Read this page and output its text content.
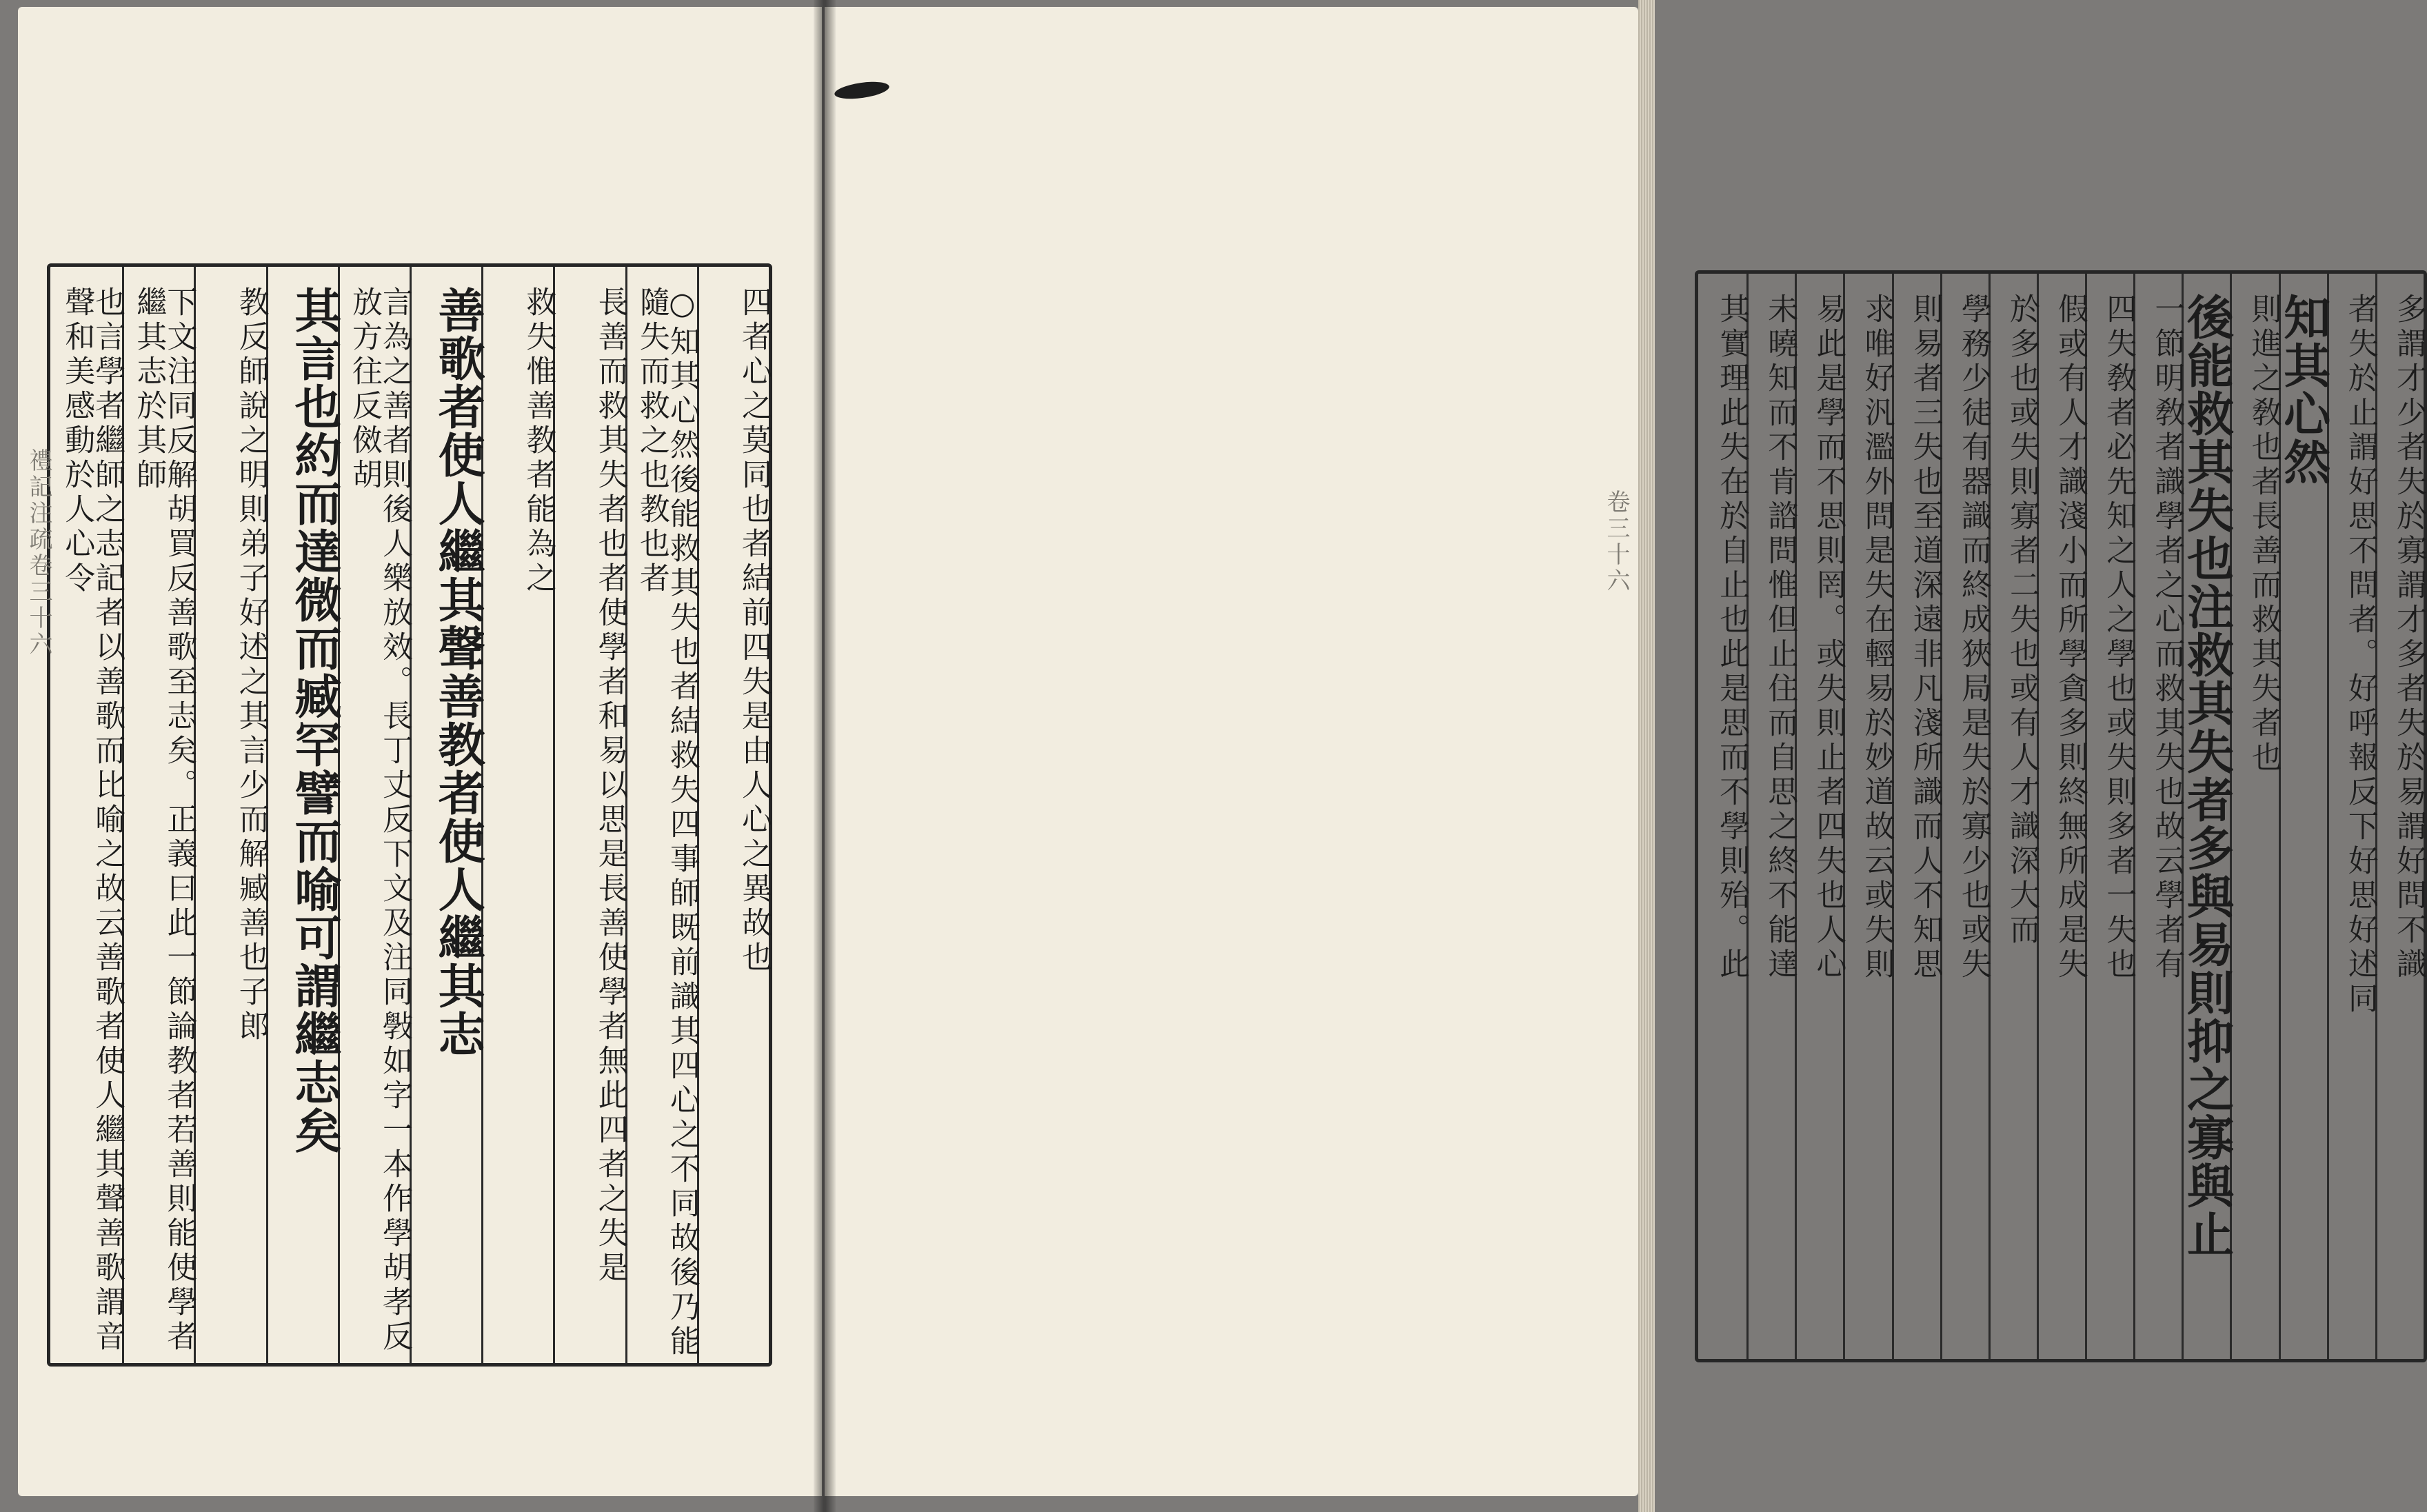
四者心之莫同也者結前四失是由人心之異故也
○知其心然後能救其失也者結救失四事師既前識其四心之不同故後乃能隨失而救之也教也者
長善而救其失者也者使學者和易以思是長善使學者無此四者之失是
救失惟善教者能為之
善歌者使人繼其聲善教者使人繼其志
言為之善者則後人樂放效。長丁丈反下文及注同斅如字一本作學胡孝反放方往反傚胡
其言也約而達微而臧罕譬而喻可謂繼志矣
教反師說之明則弟子好述之其言少而解臧善也子郎
下文注同反解胡買反善歌至志矣。正義曰此一節論教者若善則能使學者繼其志於其師
也言學者繼師之志記者以善歌而比喻之故云善歌者使人繼其聲善歌謂音聲和美感動於人心令
禮記注疏卷三十六	多謂才少者失於寡謂才多者失於易謂好問不識
者失於止謂好思不問者。好呼報反下好思好述同
知其心然
則進之敎也者長善而救其失者也
後能救其失也注救其失者多與易則抑之寡與止
一節明敎者識學者之心而救其失也故云學者有
四失敎者必先知之人之學也或失則多者一失也
假或有人才識淺小而所學貪多則終無所成是失
於多也或失則寡者二失也或有人才識深大而
學務少徒有器識而終成狹局是失於寡少也或失
則易者三失也至道深遠非凡淺所識而人不知思
求唯好汎濫外問是失在輕易於妙道故云或失則
易此是學而不思則罔。或失則止者四失也人心
未曉知而不肯諮問惟但止住而自思之終不能達
其實理此失在於自止也此是思而不學則殆。此
卷三十六
